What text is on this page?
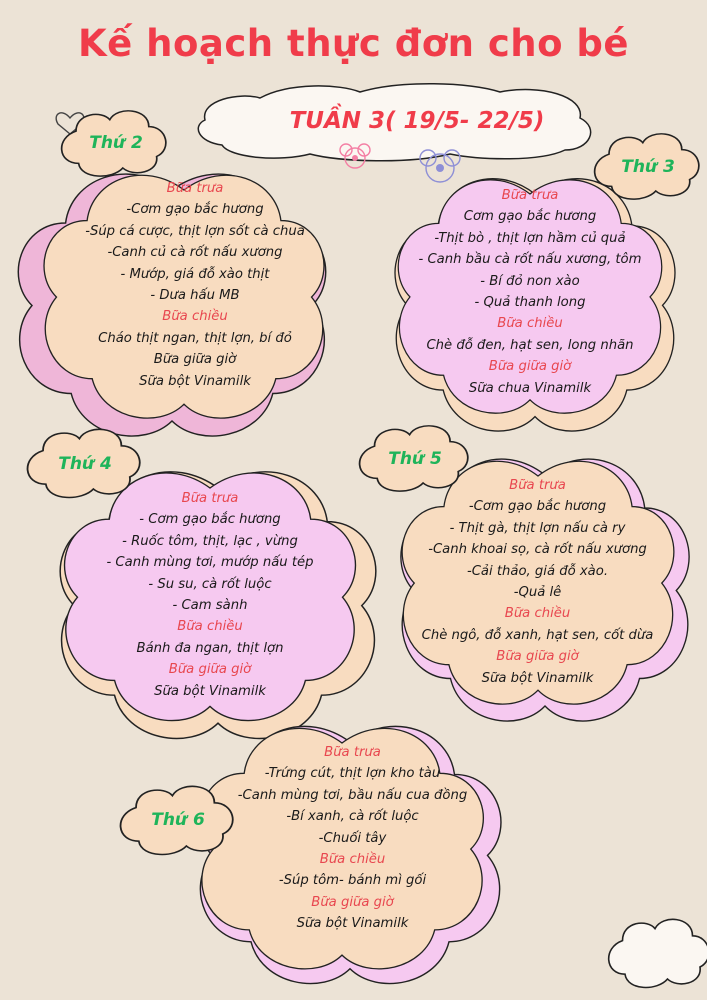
Kế hoạch thực đơn cho bé
TUẦN 3( 19/5- 22/5)
Thứ 2
Thứ 3
Thứ 4	Thứ 5
Thứ 6
Bữa trưa
-Cơm gạo bắc hương
-Súp cá cược, thịt lợn sốt cà chua
-Canh củ cà rốt nấu xương
- Mướp, giá đỗ xào thịt
- Dưa hấu MB
Bữa chiều
Cháo thịt ngan, thịt lợn, bí đỏ
Bữa giữa giờ
Sữa bột Vinamilk
Bữa trưa
Cơm gạo bắc hương
-Thịt bò , thịt lợn hầm củ quả
- Canh bầu cà rốt nấu xương, tôm
- Bí đỏ non xào
- Quả thanh long
Bữa chiều
Chè đỗ đen, hạt sen, long nhãn
Bữa giữa giờ
Sữa chua Vinamilk
Bữa trưa
- Cơm gạo bắc hương
- Ruốc tôm, thịt, lạc , vừng
- Canh mùng tơi, mướp nấu tép
- Su su, cà rốt luộc
- Cam sành
Bữa chiều
Bánh đa ngan, thịt lợn
Bữa giữa giờ
Sữa bột Vinamilk
Bữa trưa
-Cơm gạo bắc hương
- Thịt gà, thịt lợn nấu cà ry
-Canh khoai sọ, cà rốt nấu xương
-Cải thảo, giá đỗ xào.
-Quả lê
Bữa chiều
Chè ngô, đỗ xanh, hạt sen, cốt dừa
Bữa giữa giờ
Sữa bột Vinamilk
Bữa trưa
-Trứng cút, thịt lợn kho tàu
-Canh mùng tơi, bầu nấu cua đồng
-Bí xanh, cà rốt luộc
-Chuối tây
Bữa chiều
-Súp tôm- bánh mì gối
Bữa giữa giờ
Sữa bột Vinamilk
